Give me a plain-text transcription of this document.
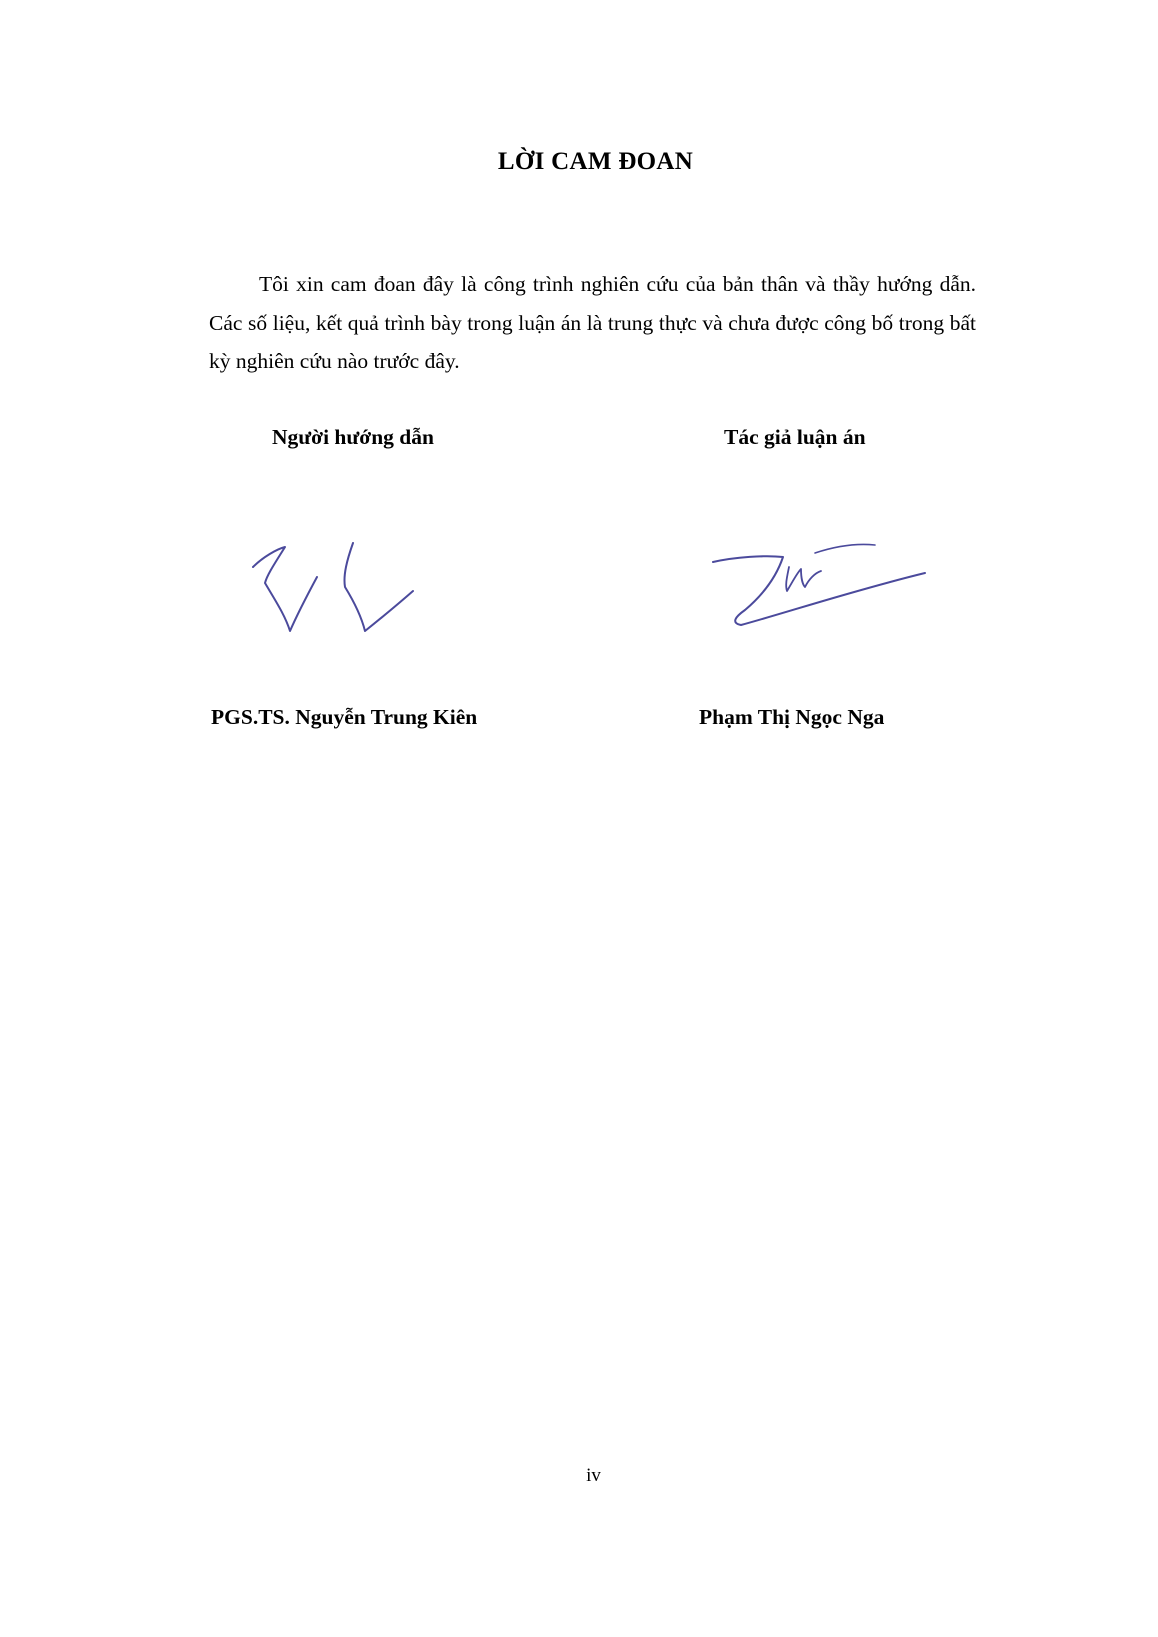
LỜI CAM ĐOAN

Tôi xin cam đoan đây là công trình nghiên cứu của bản thân và thầy hướng dẫn. Các số liệu, kết quả trình bày trong luận án là trung thực và chưa được công bố trong bất kỳ nghiên cứu nào trước đây.

Người hướng dẫn

PGS.TS. Nguyễn Trung Kiên

Tác giả luận án

Phạm Thị Ngọc Nga

iv
